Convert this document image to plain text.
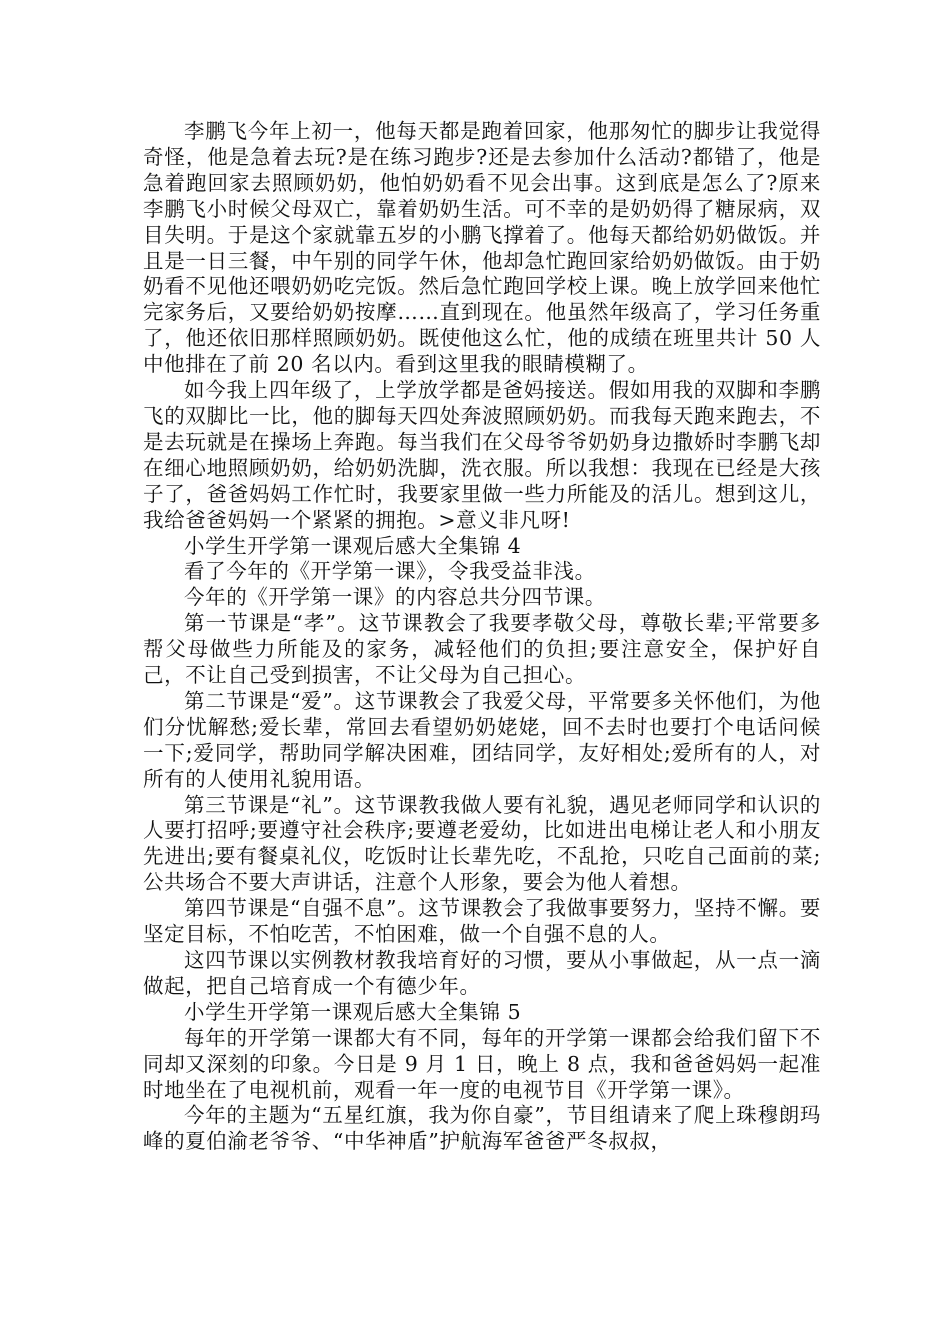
李鹏飞今年上初一，他每天都是跑着回家，他那匆忙的脚步让我觉得奇怪，他是急着去玩?是在练习跑步?还是去参加什么活动?都错了，他是急着跑回家去照顾奶奶，他怕奶奶看不见会出事。这到底是怎么了?原来李鹏飞小时候父母双亡，靠着奶奶生活。可不幸的是奶奶得了糖尿病，双目失明。于是这个家就靠五岁的小鹏飞撑着了。他每天都给奶奶做饭。并且是一日三餐，中午别的同学午休，他却急忙跑回家给奶奶做饭。由于奶奶看不见他还喂奶奶吃完饭。然后急忙跑回学校上课。晚上放学回来他忙完家务后，又要给奶奶按摩……直到现在。他虽然年级高了，学习任务重了，他还依旧那样照顾奶奶。既使他这么忙，他的成绩在班里共计 50 人中他排在了前 20 名以内。看到这里我的眼睛模糊了。

如今我上四年级了，上学放学都是爸妈接送。假如用我的双脚和李鹏飞的双脚比一比，他的脚每天四处奔波照顾奶奶。而我每天跑来跑去，不是去玩就是在操场上奔跑。每当我们在父母爷爷奶奶身边撒娇时李鹏飞却在细心地照顾奶奶，给奶奶洗脚，洗衣服。所以我想：我现在已经是大孩子了，爸爸妈妈工作忙时，我要家里做一些力所能及的活儿。想到这儿，我给爸爸妈妈一个紧紧的拥抱。>意义非凡呀!

小学生开学第一课观后感大全集锦 4

看了今年的《开学第一课》，令我受益非浅。

今年的《开学第一课》的内容总共分四节课。

第一节课是“孝”。这节课教会了我要孝敬父母，尊敬长辈;平常要多帮父母做些力所能及的家务，减轻他们的负担;要注意安全，保护好自己，不让自己受到损害，不让父母为自己担心。

第二节课是“爱”。这节课教会了我爱父母，平常要多关怀他们，为他们分忧解愁;爱长辈，常回去看望奶奶姥姥，回不去时也要打个电话问候一下;爱同学，帮助同学解决困难，团结同学，友好相处;爱所有的人，对所有的人使用礼貌用语。

第三节课是“礼”。这节课教我做人要有礼貌，遇见老师同学和认识的人要打招呼;要遵守社会秩序;要遵老爱幼，比如进出电梯让老人和小朋友先进出;要有餐桌礼仪，吃饭时让长辈先吃，不乱抢，只吃自己面前的菜;公共场合不要大声讲话，注意个人形象，要会为他人着想。

第四节课是“自强不息”。这节课教会了我做事要努力，坚持不懈。要坚定目标，不怕吃苦，不怕困难，做一个自强不息的人。

这四节课以实例教材教我培育好的习惯，要从小事做起，从一点一滴做起，把自己培育成一个有德少年。

小学生开学第一课观后感大全集锦 5

每年的开学第一课都大有不同，每年的开学第一课都会给我们留下不同却又深刻的印象。今日是 9 月 1 日，晚上 8 点，我和爸爸妈妈一起准时地坐在了电视机前，观看一年一度的电视节目《开学第一课》。

今年的主题为“五星红旗，我为你自豪”，节目组请来了爬上珠穆朗玛峰的夏伯渝老爷爷、“中华神盾”护航海军爸爸严冬叔叔，
